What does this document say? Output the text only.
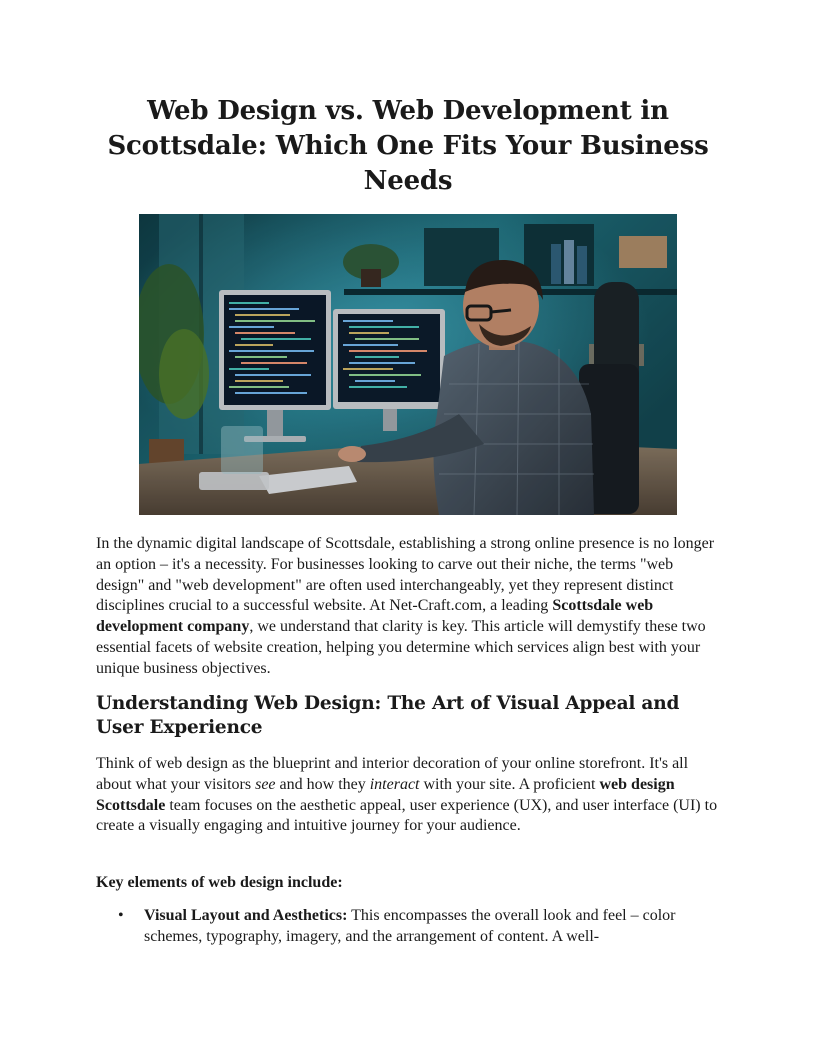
Web Design vs. Web Development in Scottsdale: Which One Fits Your Business Needs

In the dynamic digital landscape of Scottsdale, establishing a strong online presence is no longer an option – it's a necessity. For businesses looking to carve out their niche, the terms "web design" and "web development" are often used interchangeably, yet they represent distinct disciplines crucial to a successful website. At Net-Craft.com, a leading Scottsdale web development company, we understand that clarity is key. This article will demystify these two essential facets of website creation, helping you determine which services align best with your unique business objectives.

Understanding Web Design: The Art of Visual Appeal and User Experience

Think of web design as the blueprint and interior decoration of your online storefront. It's all about what your visitors see and how they interact with your site. A proficient web design Scottsdale team focuses on the aesthetic appeal, user experience (UX), and user interface (UI) to create a visually engaging and intuitive journey for your audience.

Key elements of web design include:

• Visual Layout and Aesthetics: This encompasses the overall look and feel – color schemes, typography, imagery, and the arrangement of content. A well-
